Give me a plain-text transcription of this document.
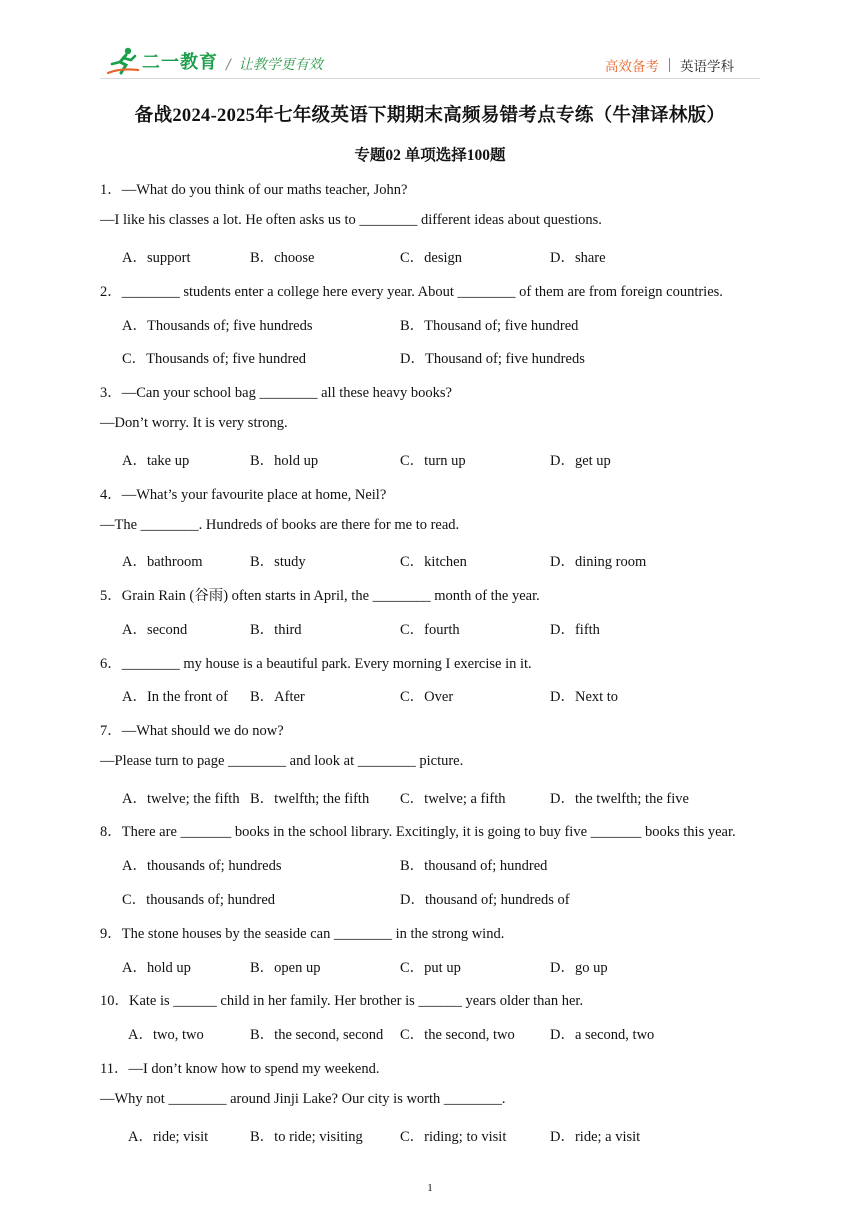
二一教育 / 让教学更有效	高效备考 英语学科
备战2024-2025年七年级英语下期期末高频易错考点专练（牛津译林版）
专题02 单项选择100题
1．—What do you think of our maths teacher, John?
—I like his classes a lot. He often asks us to ________ different ideas about questions.
A．support	B．choose	C．design	D．share
2．________ students enter a college here every year. About ________ of them are from foreign countries.
A．Thousands of; five hundreds	B．Thousand of; five hundred
C．Thousands of; five hundred	D．Thousand of; five hundreds
3．—Can your school bag ________ all these heavy books?
—Don’t worry. It is very strong.
A．take up	B．hold up	C．turn up	D．get up
4．—What’s your favourite place at home, Neil?
—The ________. Hundreds of books are there for me to read.
A．bathroom	B．study	C．kitchen	D．dining room
5．Grain Rain (谷雨) often starts in April, the ________ month of the year.
A．second	B．third	C．fourth	D．fifth
6．________ my house is a beautiful park. Every morning I exercise in it.
A．In the front of B．After	C．Over	D．Next to
7．—What should we do now?
—Please turn to page ________ and look at ________ picture.
A．twelve; the fifth B．twelfth; the fifth C．twelve; a fifth	D．the twelfth; the five
8．There are _______ books in the school library. Excitingly, it is going to buy five _______ books this year.
A．thousands of; hundreds	B．thousand of; hundred
C．thousands of; hundred	D．thousand of; hundreds of
9．The stone houses by the seaside can ________ in the strong wind.
A．hold up	B．open up	C．put up	D．go up
10．Kate is ______ child in her family. Her brother is ______ years older than her.
A．two, two	B．the second, second C．the second, two D．a second, two
11．—I don’t know how to spend my weekend.
—Why not ________ around Jinji Lake? Our city is worth ________.
A．ride; visit	B．to ride; visiting	C．riding; to visit	D．ride; a visit
1
